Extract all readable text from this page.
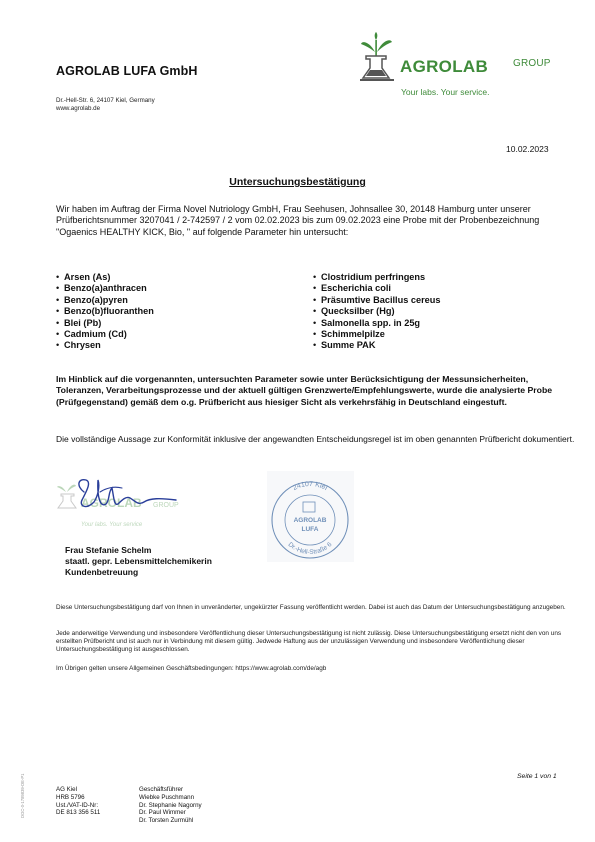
AGROLAB LUFA GmbH
Dr.-Hell-Str. 6, 24107 Kiel, Germany
www.agrolab.de
AGROLAB GROUP
Your labs. Your service.
10.02.2023
Untersuchungsbestätigung
Wir haben im Auftrag der Firma Novel Nutriology GmbH, Frau Seehusen, Johnsallee 30, 20148 Hamburg unter unserer Prüfberichtsnummer 3207041 / 2-742597 / 2 vom 02.02.2023 bis zum 09.02.2023 eine Probe mit der Probenbezeichnung "Ogaenics HEALTHY KICK, Bio, " auf folgende Parameter hin untersucht:
• Arsen (As)
• Benzo(a)anthracen
• Benzo(a)pyren
• Benzo(b)fluoranthen
• Blei (Pb)
• Cadmium (Cd)
• Chrysen
• Clostridium perfringens
• Escherichia coli
• Präsumtive Bacillus cereus
• Quecksilber (Hg)
• Salmonella spp. in 25g
• Schimmelpilze
• Summe PAK
Im Hinblick auf die vorgenannten, untersuchten Parameter sowie unter Berücksichtigung der Messunsicherheiten, Toleranzen, Verarbeitungsprozesse und der aktuell gültigen Grenzwerte/Empfehlungswerte, wurde die analysierte Probe (Prüfgegenstand) gemäß dem o.g. Prüfbericht aus hiesiger Sicht als verkehrsfähig in Deutschland eingestuft.
Die vollständige Aussage zur Konformität inklusive der angewandten Entscheidungsregel ist im oben genannten Prüfbericht dokumentiert.
AGROLAB GROUP
Your labs. Your service
24107 Kiel
Dr.-Hell-Straße 6
AGROLAB
LUFA
Frau Stefanie Schelm
staatl. gepr. Lebensmittelchemikerin
Kundenbetreuung
Diese Untersuchungsbestätigung darf von Ihnen in unveränderter, ungekürzter Fassung veröffentlicht werden. Dabei ist auch das Datum der Untersuchungsbestätigung anzugeben.
Jede anderweitige Verwendung und insbesondere Veröffentlichung dieser Untersuchungsbestätigung ist nicht zulässig. Diese Untersuchungsbestätigung ersetzt nicht den von uns erstellten Prüfbericht und ist auch nur in Verbindung mit diesem gültig. Jedwede Haftung aus der unzulässigen Verwendung und insbesondere Veröffentlichung dieser Untersuchungsbestätigung ist ausgeschlossen.
Im Übrigen gelten unsere Allgemeinen Geschäftsbedingungen: https://www.agrolab.com/de/agb
Seite 1 von 1
DOC-0-1789839-DE-P1	AG Kiel
HRB 5796
Ust./VAT-ID-Nr:
DE 813 356 511
Geschäftsführer
Wiebke Puschmann
Dr. Stephanie Nagorny
Dr. Paul Wimmer
Dr. Torsten Zurmühl
